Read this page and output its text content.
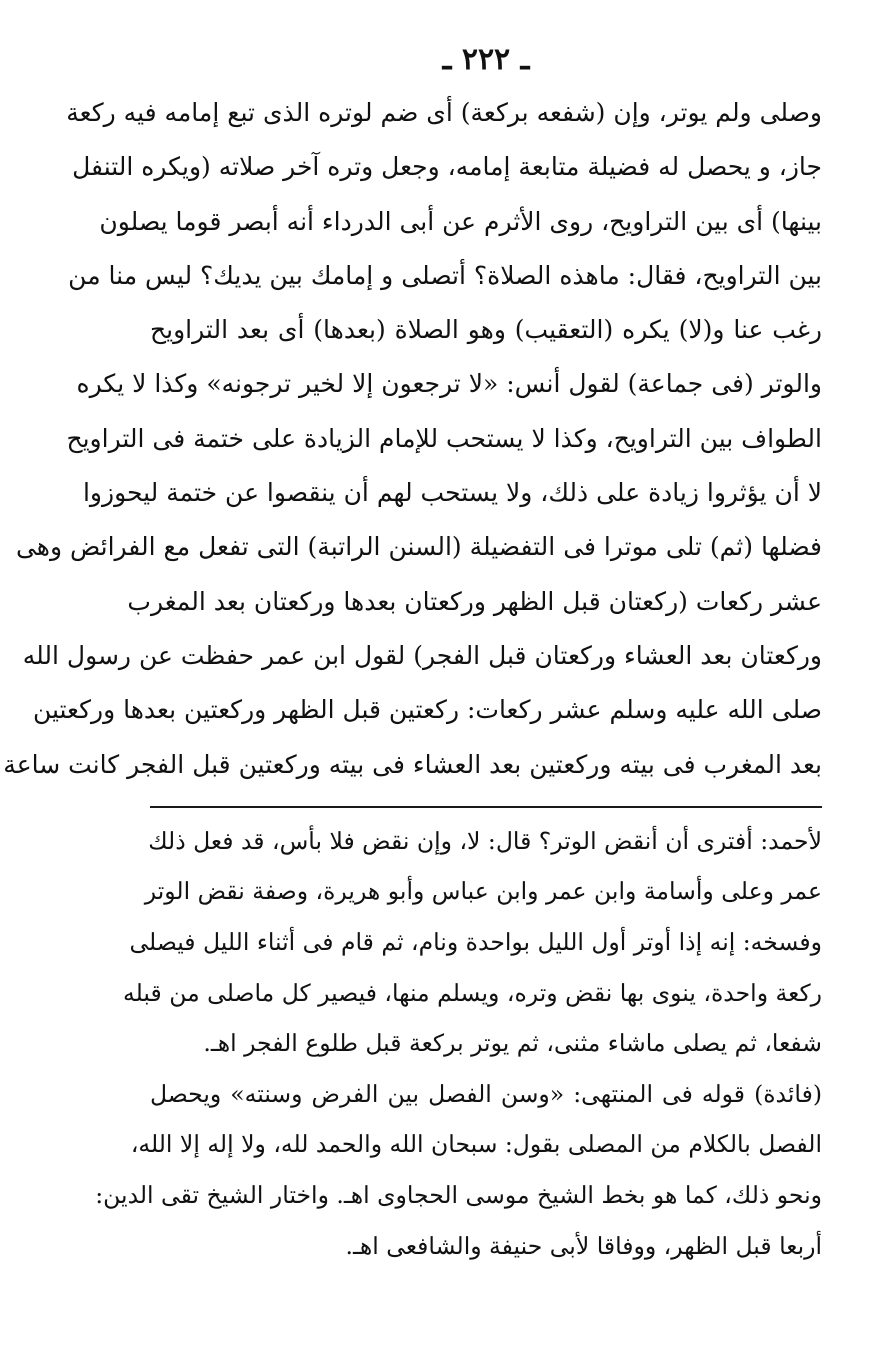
ـ ٢٢٢ ـ
وصلى ولم يوتر، وإن (شفعه بركعة) أى ضم لوتره الذى تبع إمامه فيه ركعة
جاز، و يحصل له فضيلة متابعة إمامه، وجعل وتره آخر صلاته (ويكره التنفل
بينها) أى بين التراويح، روى الأثرم عن أبى الدرداء أنه أبصر قوما يصلون
بين التراويح، فقال: ماهذه الصلاة؟ أتصلى و إمامك بين يديك؟ ليس منا من
رغب عنا و(لا) يكره (التعقيب) وهو الصلاة (بعدها) أى بعد التراويح
والوتر (فى جماعة) لقول أنس: «لا ترجعون إلا لخير ترجونه» وكذا لا يكره
الطواف بين التراويح، وكذا لا يستحب للإمام الزيادة على ختمة فى التراويح
لا أن يؤثروا زيادة على ذلك، ولا يستحب لهم أن ينقصوا عن ختمة ليحوزوا
فضلها (ثم) تلى موترا فى التفضيلة (السنن الراتبة) التى تفعل مع الفرائض وهى
عشر ركعات (ركعتان قبل الظهر وركعتان بعدها وركعتان بعد المغرب
وركعتان بعد العشاء وركعتان قبل الفجر) لقول ابن عمر حفظت عن رسول الله
صلى الله عليه وسلم عشر ركعات: ركعتين قبل الظهر وركعتين بعدها وركعتين
بعد المغرب فى بيته وركعتين بعد العشاء فى بيته وركعتين قبل الفجر كانت ساعة
لأحمد: أفترى أن أنقض الوتر؟ قال: لا، وإن نقض فلا بأس، قد فعل ذلك
عمر وعلى وأسامة وابن عمر وابن عباس وأبو هريرة، وصفة نقض الوتر
وفسخه: إنه إذا أوتر أول الليل بواحدة ونام، ثم قام فى أثناء الليل فيصلى
ركعة واحدة، ينوى بها نقض وتره، ويسلم منها، فيصير كل ماصلى من قبله
شفعا، ثم يصلى ماشاء مثنى، ثم يوتر بركعة قبل طلوع الفجر اهـ.
(فائدة) قوله فى المنتهى: «وسن الفصل بين الفرض وسنته» ويحصل
الفصل بالكلام من المصلى بقول: سبحان الله والحمد لله، ولا إله إلا الله،
ونحو ذلك، كما هو بخط الشيخ موسى الحجاوى اهـ. واختار الشيخ تقى الدين:
أربعا قبل الظهر، ووفاقا لأبى حنيفة والشافعى اهـ.
